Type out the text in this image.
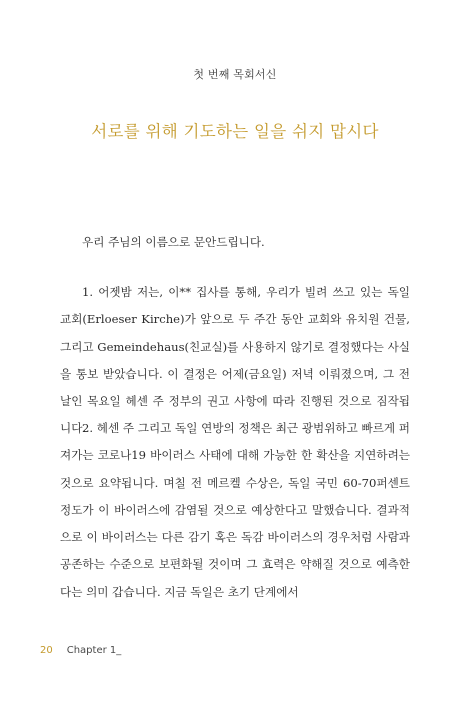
첫 번째 목회서신
서로를 위해 기도하는 일을 쉬지 맙시다

우리 주님의 이름으로 문안드립니다.

1. 어젯밤 저는, 이** 집사를 통해, 우리가 빌려 쓰고 있는 독일 교회(Erloeser Kirche)가 앞으로 두 주간 동안 교회와 유치원 건물, 그리고 Gemeindehaus(친교실)를 사용하지 않기로 결정했다는 사실을 통보 받았습니다. 이 결정은 어제(금요일) 저녁 이뤄졌으며, 그 전날인 목요일 헤센 주 정부의 권고 사항에 따라 진행된 것으로 짐작됩니다.

2. 헤센 주 그리고 독일 연방의 정책은 최근 광범위하고 빠르게 퍼져가는 코로나19 바이러스 사태에 대해 가능한 한 확산을 지연하려는 것으로 요약됩니다. 며칠 전 메르켈 수상은, 독일 국민 60-70퍼센트 정도가 이 바이러스에 감염될 것으로 예상한다고 말했습니다. 결과적으로 이 바이러스는 다른 감기 혹은 독감 바이러스의 경우처럼 사람과 공존하는 수준으로 보편화될 것이며 그 효력은 약해질 것으로 예측한다는 의미 갑습니다. 지금 독일은 초기 단계에서

20 Chapter 1_
